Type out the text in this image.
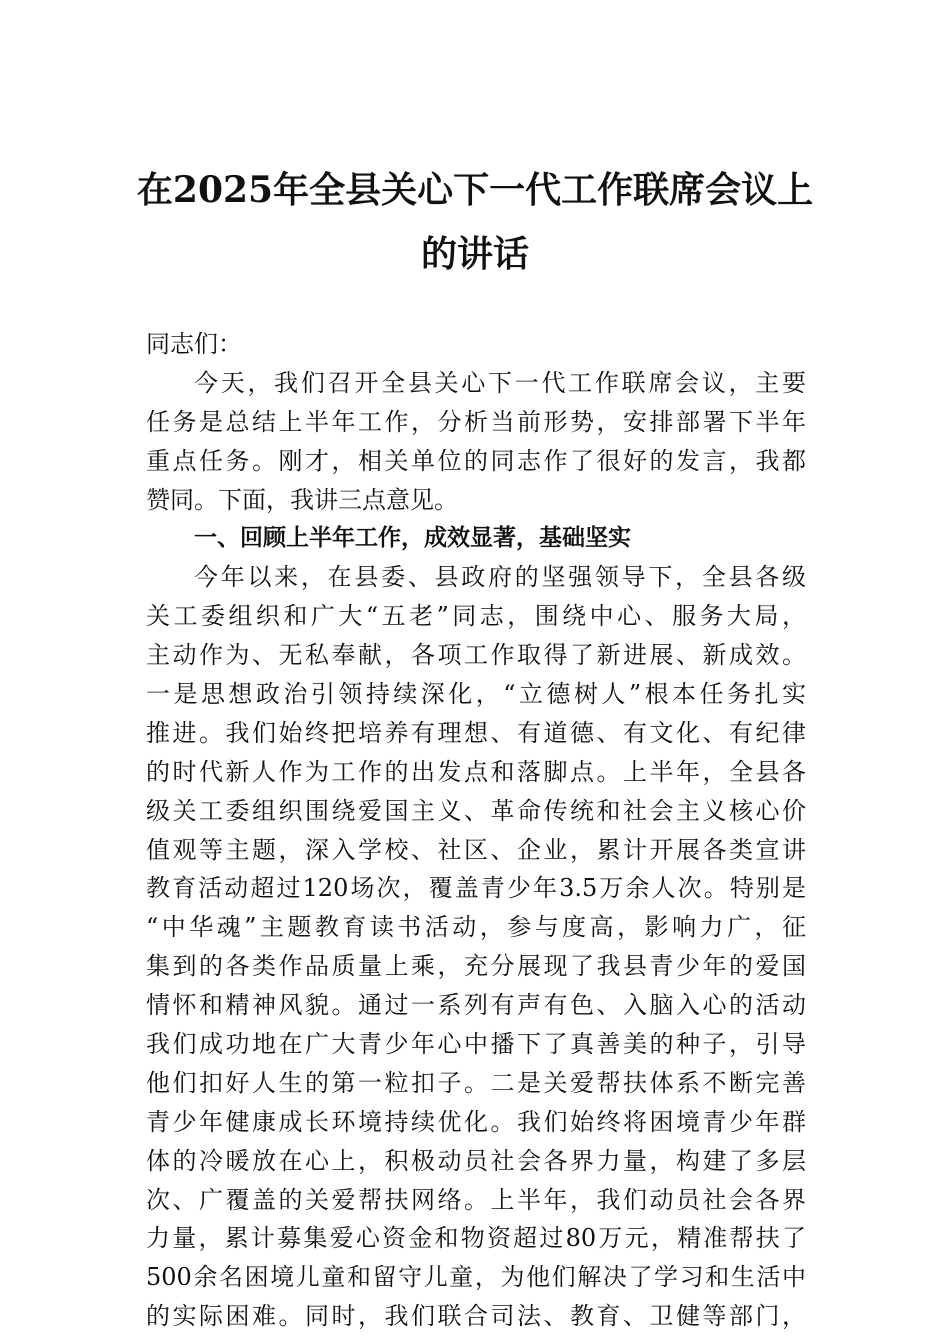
在2025年全县关心下一代工作联席会议上
的讲话
同志们：
今天，我们召开全县关心下一代工作联席会议，主要
任务是总结上半年工作，分析当前形势，安排部署下半年
重点任务。刚才，相关单位的同志作了很好的发言，我都
赞同。下面，我讲三点意见。
一、回顾上半年工作，成效显著，基础坚实
今年以来，在县委、县政府的坚强领导下，全县各级
关工委组织和广大“五老”同志，围绕中心、服务大局，
主动作为、无私奉献，各项工作取得了新进展、新成效。
一是思想政治引领持续深化，“立德树人”根本任务扎实
推进。我们始终把培养有理想、有道德、有文化、有纪律
的时代新人作为工作的出发点和落脚点。上半年，全县各
级关工委组织围绕爱国主义、革命传统和社会主义核心价
值观等主题，深入学校、社区、企业，累计开展各类宣讲
教育活动超过120场次，覆盖青少年3.5万余人次。特别是
“中华魂”主题教育读书活动，参与度高，影响力广，征
集到的各类作品质量上乘，充分展现了我县青少年的爱国
情怀和精神风貌。通过一系列有声有色、入脑入心的活动
我们成功地在广大青少年心中播下了真善美的种子，引导
他们扣好人生的第一粒扣子。二是关爱帮扶体系不断完善
青少年健康成长环境持续优化。我们始终将困境青少年群
体的冷暖放在心上，积极动员社会各界力量，构建了多层
次、广覆盖的关爱帮扶网络。上半年，我们动员社会各界
力量，累计募集爱心资金和物资超过80万元，精准帮扶了
500余名困境儿童和留守儿童，为他们解决了学习和生活中
的实际困难。同时，我们联合司法、教育、卫健等部门，
